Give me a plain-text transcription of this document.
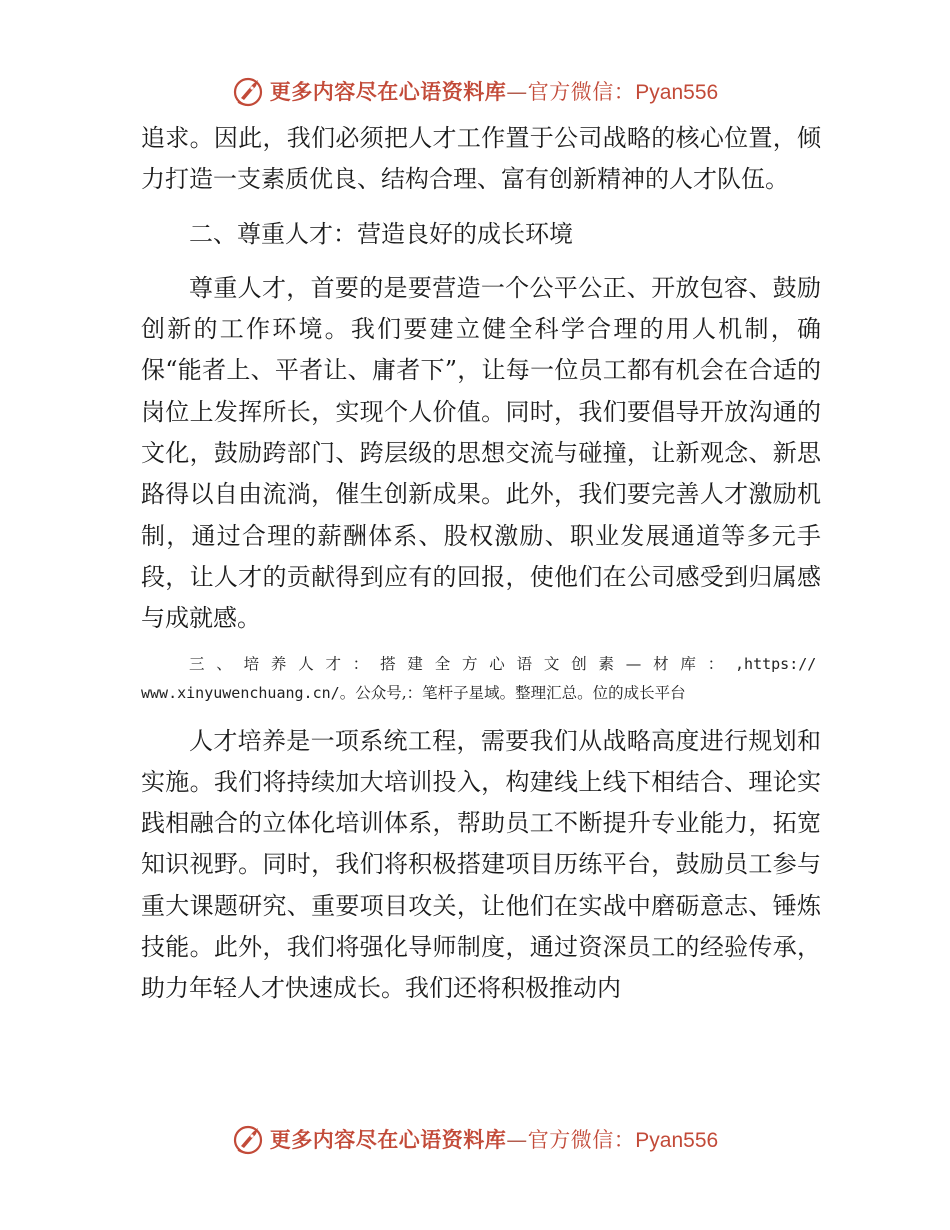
更多内容尽在心语资料库—官方微信：Pyan556

追求。因此，我们必须把人才工作置于公司战略的核心位置，倾力打造一支素质优良、结构合理、富有创新精神的人才队伍。

二、尊重人才：营造良好的成长环境

尊重人才，首要的是要营造一个公平公正、开放包容、鼓励创新的工作环境。我们要建立健全科学合理的用人机制，确保“能者上、平者让、庸者下”，让每一位员工都有机会在合适的岗位上发挥所长，实现个人价值。同时，我们要倡导开放沟通的文化，鼓励跨部门、跨层级的思想交流与碰撞，让新观念、新思路得以自由流淌，催生创新成果。此外，我们要完善人才激励机制，通过合理的薪酬体系、股权激励、职业发展通道等多元手段，让人才的贡献得到应有的回报，使他们在公司感受到归属感与成就感。

三、培养人才：搭建全方心语文创素—材库：,https://
www.xinyuwenchuang.cn/。公众号,：笔杆子星域。整理汇总。位的成长平台

人才培养是一项系统工程，需要我们从战略高度进行规划和实施。我们将持续加大培训投入，构建线上线下相结合、理论实践相融合的立体化培训体系，帮助员工不断提升专业能力，拓宽知识视野。同时，我们将积极搭建项目历练平台，鼓励员工参与重大课题研究、重要项目攻关，让他们在实战中磨砺意志、锤炼技能。此外，我们将强化导师制度，通过资深员工的经验传承，助力年轻人才快速成长。我们还将积极推动内

更多内容尽在心语资料库—官方微信：Pyan556
